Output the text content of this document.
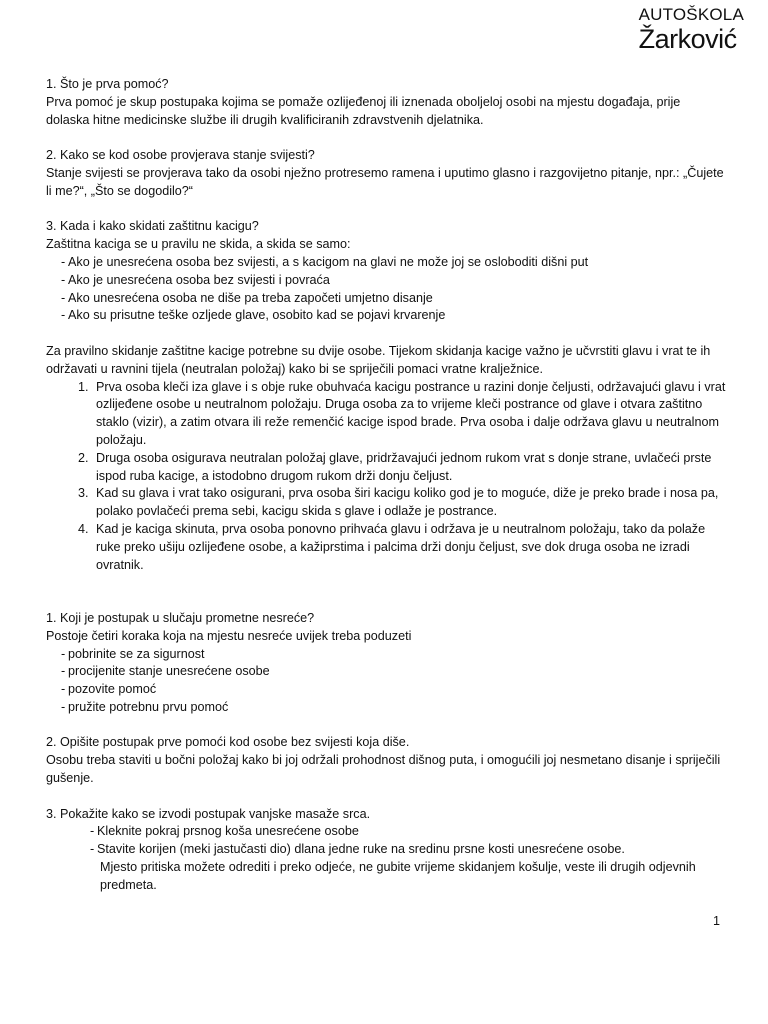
AUTOŠKOLA
Žarković

1. Što je prva pomoć?

Prva pomoć je skup postupaka kojima se pomaže ozlijeđenoj ili iznenada oboljeloj osobi na mjestu događaja, prije dolaska hitne medicinske službe ili drugih kvalificiranih zdravstvenih djelatnika.

2. Kako se kod osobe provjerava stanje svijesti?

Stanje svijesti se provjerava tako da osobi nježno protresemo ramena i uputimo glasno i razgovijetno pitanje, npr.: „Čujete li me?“, „Što se dogodilo?“

3. Kada i kako skidati zaštitnu kacigu?

Zaštitna kaciga se u pravilu ne skida, a skida se samo:

- Ako je unesrećena osoba bez svijesti, a s kacigom na glavi ne može joj se osloboditi dišni put

- Ako je unesrećena osoba bez svijesti i povraća

- Ako unesrećena osoba ne diše pa treba započeti umjetno disanje

- Ako su prisutne teške ozljede glave, osobito kad se pojavi krvarenje

Za pravilno skidanje zaštitne kacige potrebne su dvije osobe. Tijekom skidanja kacige važno je učvrstiti glavu i vrat te ih održavati u ravnini tijela (neutralan položaj) kako bi se spriječili pomaci vratne kralježnice.

1. Prva osoba kleči iza glave i s obje ruke obuhvaća kacigu postrance u razini donje čeljusti, održavajući glavu i vrat ozlijeđene osobe u neutralnom položaju. Druga osoba za to vrijeme kleči postrance od glave i otvara zaštitno staklo (vizir), a zatim otvara ili reže remenčić kacige ispod brade. Prva osoba i dalje održava glavu u neutralnom položaju.
2. Druga osoba osigurava neutralan položaj glave, pridržavajući jednom rukom vrat s donje strane, uvlačeći prste ispod ruba kacige, a istodobno drugom rukom drži donju čeljust.
3. Kad su glava i vrat tako osigurani, prva osoba širi kacigu koliko god je to moguće, diže je preko brade i nosa pa, polako povlačeći prema sebi, kacigu skida s glave i odlaže je postrance.
4. Kad je kaciga skinuta, prva osoba ponovno prihvaća glavu i održava je u neutralnom položaju, tako da polaže ruke preko ušiju ozlijeđene osobe, a kažiprstima i palcima drži donju čeljust, sve dok druga osoba ne izradi ovratnik.

1. Koji je postupak u slučaju prometne nesreće?

Postoje četiri koraka koja na mjestu nesreće uvijek treba poduzeti

- pobrinite se za sigurnost

- procijenite stanje unesrećene osobe

- pozovite pomoć

- pružite potrebnu prvu pomoć

2. Opišite postupak prve pomoći kod osobe bez svijesti koja diše.

Osobu treba staviti u bočni položaj kako bi joj održali prohodnost dišnog puta, i omogućili joj nesmetano disanje i spriječili gušenje.

3. Pokažite kako se izvodi postupak vanjske masaže srca.

- Kleknite pokraj prsnog koša unesrećene osobe

- Stavite korijen (meki jastučasti dio) dlana jedne ruke na sredinu prsne kosti unesrećene osobe.

Mjesto pritiska možete odrediti i preko odjeće, ne gubite vrijeme skidanjem košulje, veste ili drugih odjevnih predmeta.

1
